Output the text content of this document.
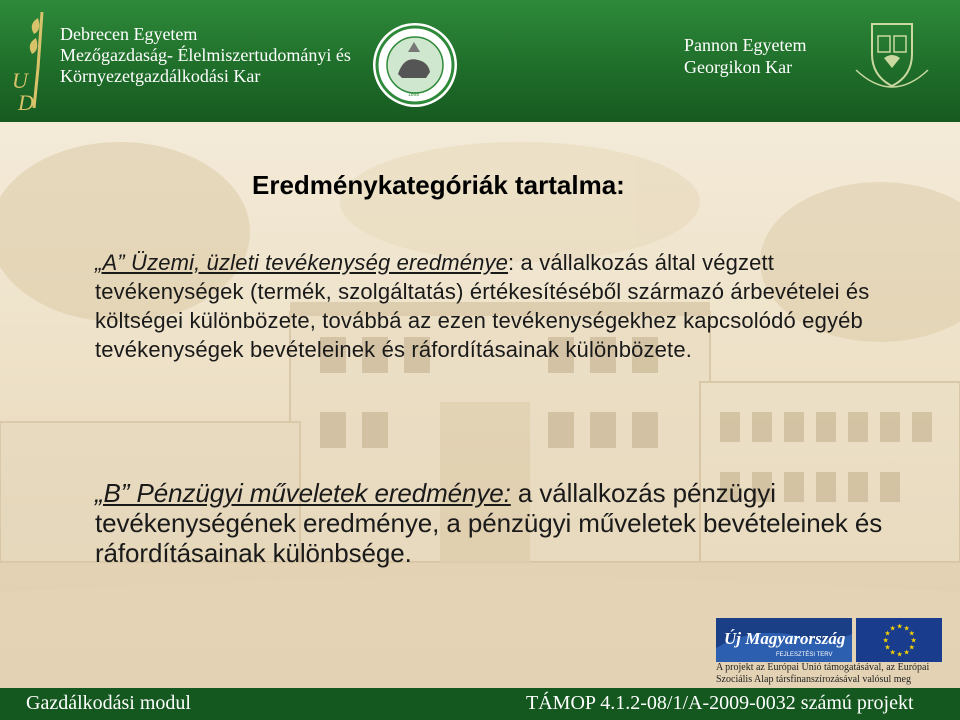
U
D
Debrecen Egyetem
Mezőgazdaság- Élelmiszertudományi és
Környezetgazdálkodási Kar
1868
Pannon Egyetem
Georgikon Kar
Eredménykategóriák tartalma:
„A” Üzemi, üzleti tevékenység eredménye: a vállalkozás által végzett tevékenységek (termék, szolgáltatás) értékesítéséből származó árbevételei és költségei különbözete, továbbá az ezen tevékenységekhez kapcsolódó egyéb tevékenységek bevételeinek és ráfordításainak különbözete.
„B” Pénzügyi műveletek eredménye: a vállalkozás pénzügyi tevékenységének eredménye, a pénzügyi műveletek bevételeinek és ráfordításainak különbsége.
Új Magyarország
FEJLESZTÉSI TERV
★
★
★
★
★
★
★
★
★ ★ ★
★
A projekt az Európai Unió támogatásával, az Európai Szociális Alap társfinanszírozásával valósul meg
Gazdálkodási modul	TÁMOP 4.1.2-08/1/A-2009-0032 számú projekt
